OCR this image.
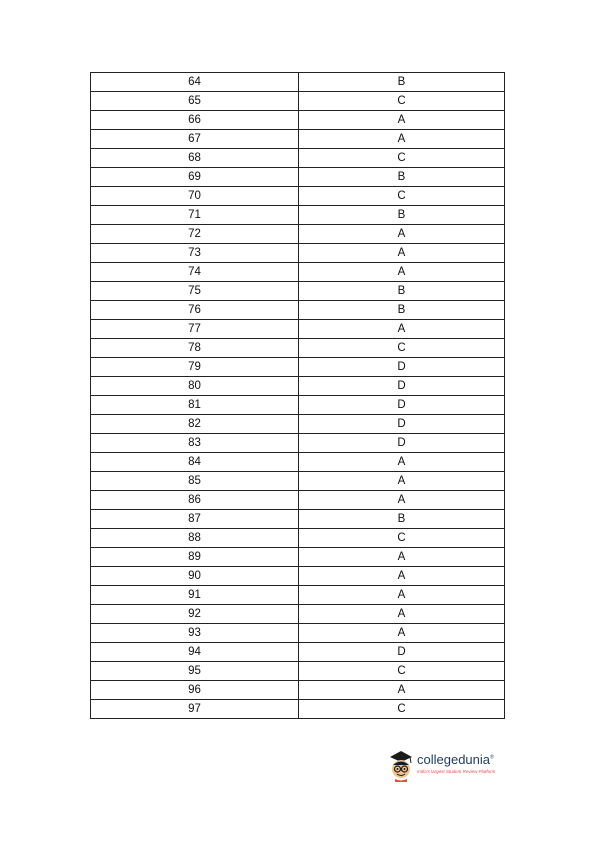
64	B
65	C
66	A
67	A
68	C
69	B
70	C
71	B
72	A
73	A
74	A
75	B
76	B
77	A
78	C
79	D
80	D
81	D
82	D
83	D
84	A
85	A
86	A
87	B
88	C
89	A
90	A
91	A
92	A
93	A
94	D
95	C
96	A
97	C
collegedunia®
India's largest Student Review Platform
